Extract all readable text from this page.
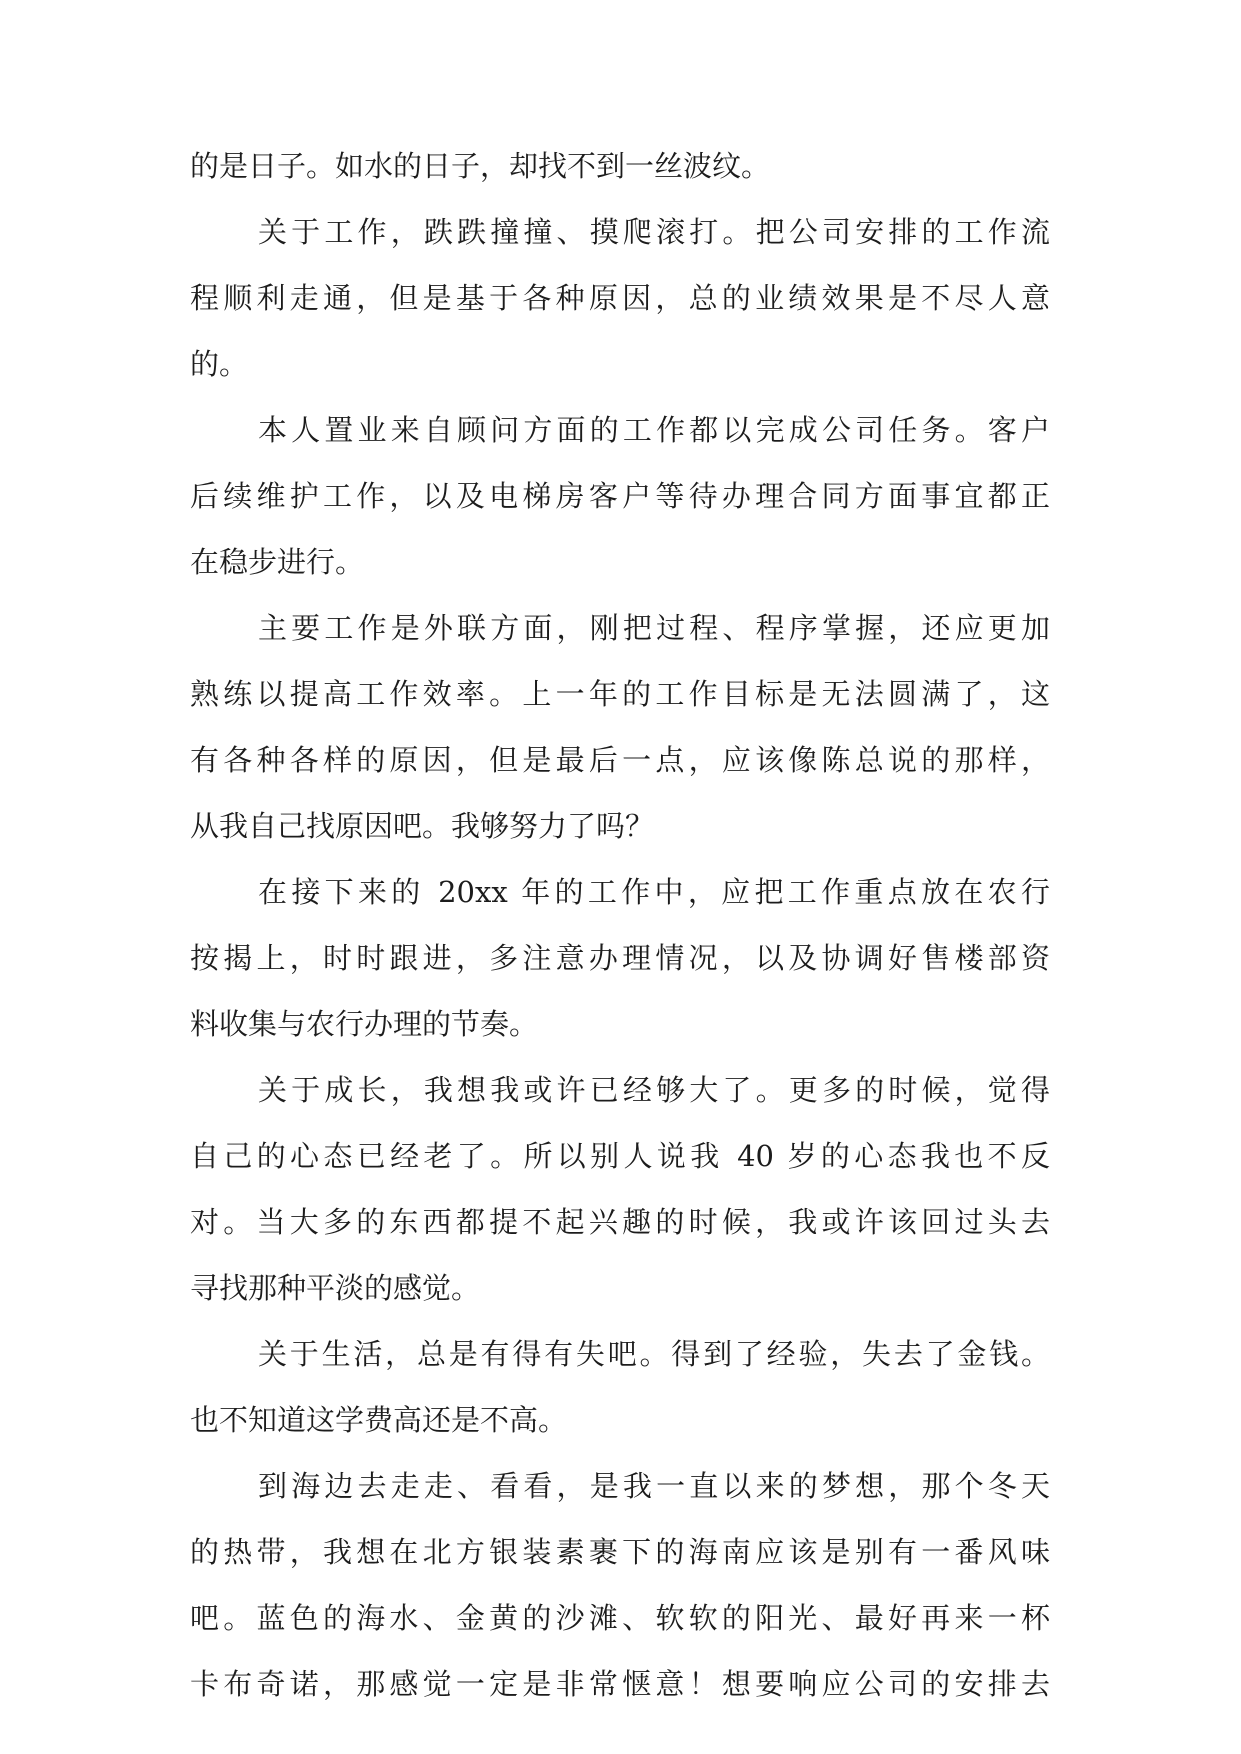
的是日子。如水的日子，却找不到一丝波纹。
关于工作，跌跌撞撞、摸爬滚打。把公司安排的工作流
程顺利走通，但是基于各种原因，总的业绩效果是不尽人意
的。
本人置业来自顾问方面的工作都以完成公司任务。客户
后续维护工作，以及电梯房客户等待办理合同方面事宜都正
在稳步进行。
主要工作是外联方面，刚把过程、程序掌握，还应更加
熟练以提高工作效率。上一年的工作目标是无法圆满了，这
有各种各样的原因，但是最后一点，应该像陈总说的那样，
从我自己找原因吧。我够努力了吗？
在接下来的 20xx 年的工作中，应把工作重点放在农行
按揭上，时时跟进，多注意办理情况，以及协调好售楼部资
料收集与农行办理的节奏。
关于成长，我想我或许已经够大了。更多的时候，觉得
自己的心态已经老了。所以别人说我 40 岁的心态我也不反
对。当大多的东西都提不起兴趣的时候，我或许该回过头去
寻找那种平淡的感觉。
关于生活，总是有得有失吧。得到了经验，失去了金钱。
也不知道这学费高还是不高。
到海边去走走、看看，是我一直以来的梦想，那个冬天
的热带，我想在北方银装素裹下的海南应该是别有一番风味
吧。蓝色的海水、金黄的沙滩、软软的阳光、最好再来一杯
卡布奇诺，那感觉一定是非常惬意！想要响应公司的安排去
